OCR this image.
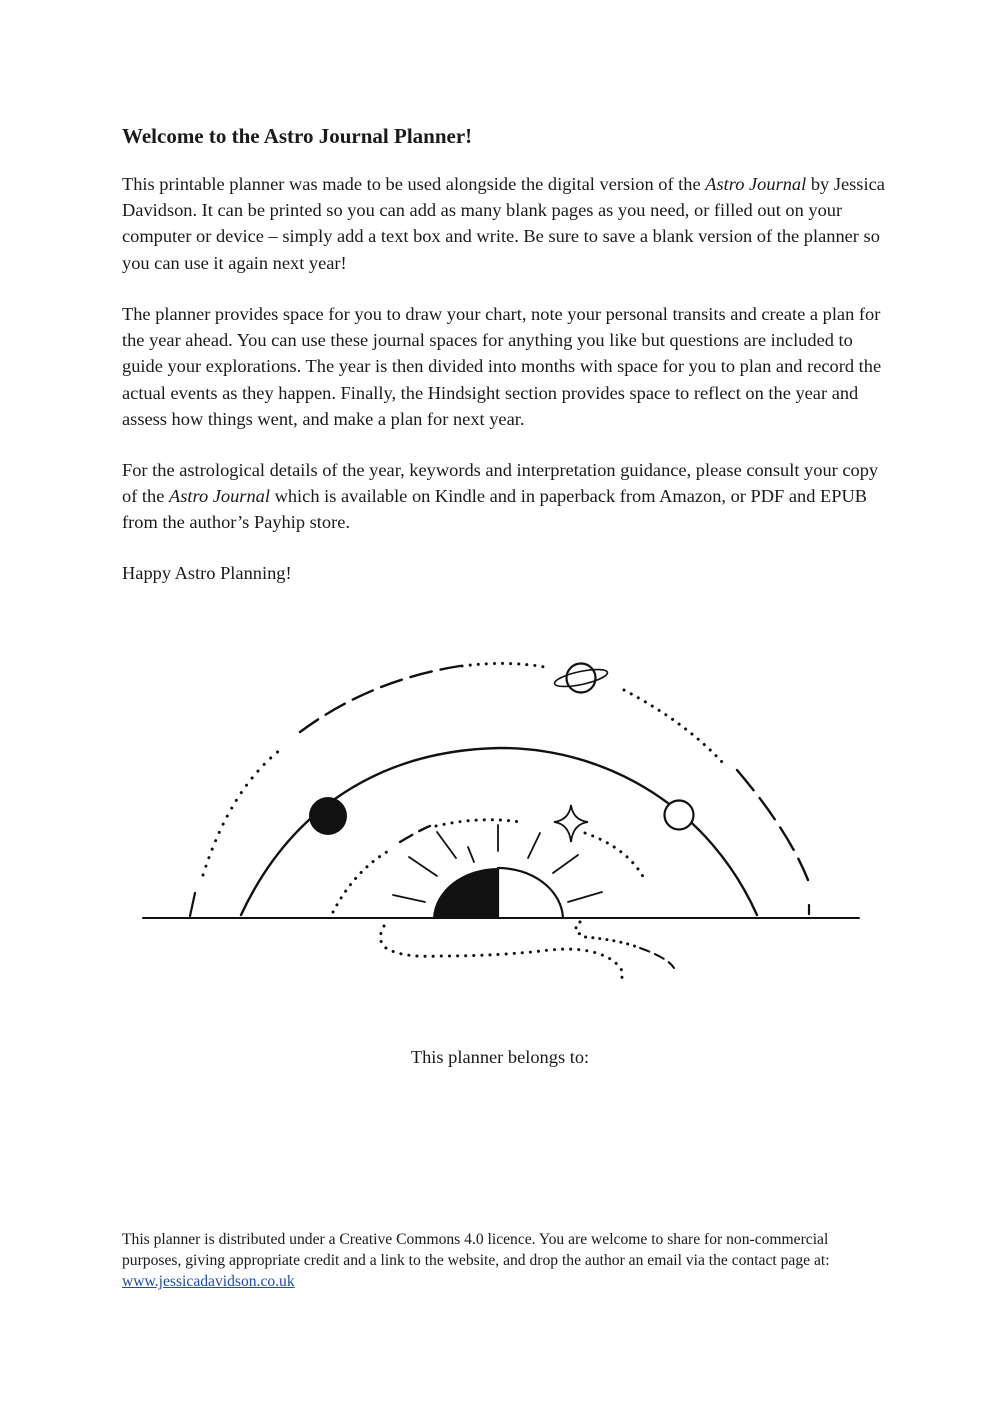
Welcome to the Astro Journal Planner!

This printable planner was made to be used alongside the digital version of the Astro Journal by Jessica Davidson. It can be printed so you can add as many blank pages as you need, or filled out on your computer or device – simply add a text box and write. Be sure to save a blank version of the planner so you can use it again next year!

The planner provides space for you to draw your chart, note your personal transits and create a plan for the year ahead. You can use these journal spaces for anything you like but questions are included to guide your explorations. The year is then divided into months with space for you to plan and record the actual events as they happen. Finally, the Hindsight section provides space to reflect on the year and assess how things went, and make a plan for next year.

For the astrological details of the year, keywords and interpretation guidance, please consult your copy of the Astro Journal which is available on Kindle and in paperback from Amazon, or PDF and EPUB from the author’s Payhip store.

Happy Astro Planning!

This planner belongs to:

This planner is distributed under a Creative Commons 4.0 licence. You are welcome to share for non-commercial purposes, giving appropriate credit and a link to the website, and drop the author an email via the contact page at: www.jessicadavidson.co.uk
